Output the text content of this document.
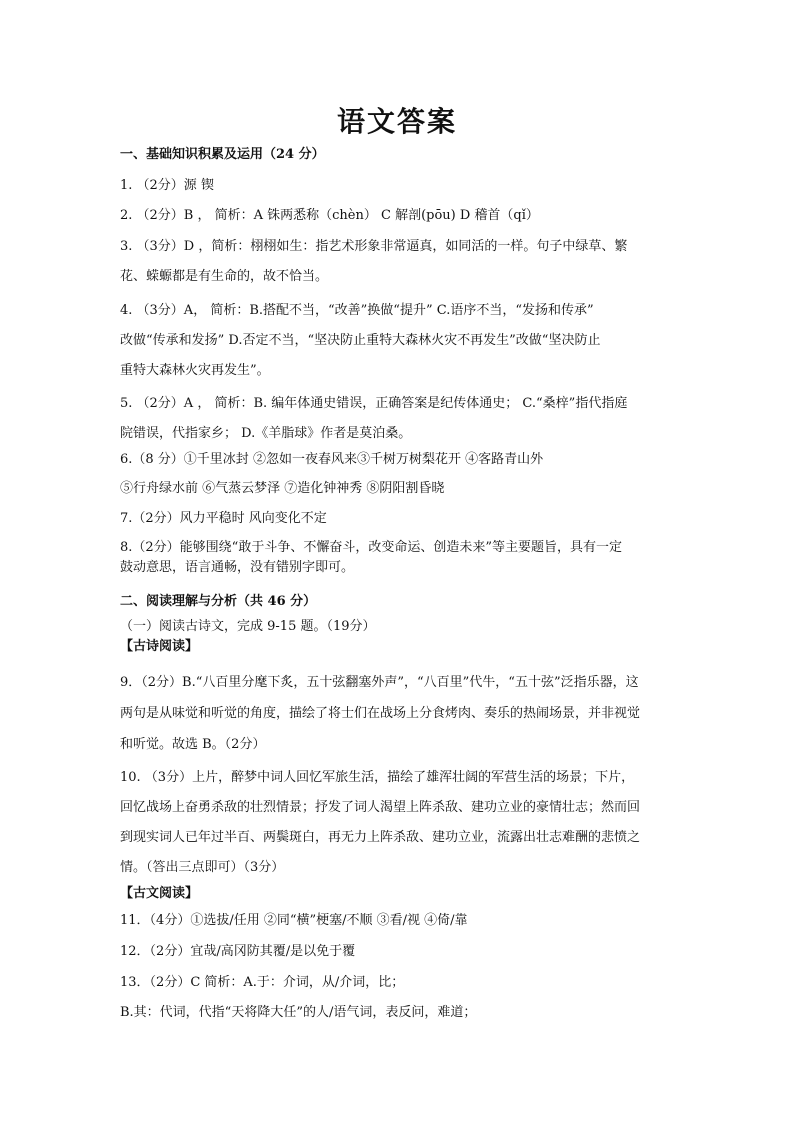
语文答案
一、基础知识积累及运用（24 分）
1. （2分）源 锲
2. （2分）B ， 简析：A 铢两悉称（chèn） C 解剖(pōu) D 稽首（qǐ）
3. （3分）D ，简析：栩栩如生：指艺术形象非常逼真，如同活的一样。句子中绿草、繁
花、蝾螈都是有生命的，故不恰当。
4. （3分）A， 简析：B.搭配不当，“改善”换做“提升” C.语序不当，“发扬和传承”
改做“传承和发扬” D.否定不当，“坚决防止重特大森林火灾不再发生”改做“坚决防止
重特大森林火灾再发生”。
5. （2分）A ， 简析：B. 编年体通史错误，正确答案是纪传体通史； C.“桑梓”指代指庭
院错误，代指家乡； D.《羊脂球》作者是莫泊桑。
6.（8 分）①千里冰封 ②忽如一夜春风来③千树万树梨花开 ④客路青山外
⑤行舟绿水前 ⑥气蒸云梦泽 ⑦造化钟神秀 ⑧阴阳割昏晓
7.（2分）风力平稳时 风向变化不定
8.（2分）能够围绕“敢于斗争、不懈奋斗，改变命运、创造未来”等主要题旨，具有一定
鼓动意思，语言通畅，没有错别字即可。
二、阅读理解与分析（共 46 分）
（一）阅读古诗文，完成 9-15 题。（19分）
【古诗阅读】
9．（2分）B.“八百里分麾下炙，五十弦翻塞外声”，“八百里”代牛，“五十弦”泛指乐器，这
两句是从味觉和听觉的角度，描绘了将士们在战场上分食烤肉、奏乐的热闹场景，并非视觉
和听觉。故选 B。（2分）
10. （3分）上片，醉梦中词人回忆军旅生活，描绘了雄浑壮阔的军营生活的场景；下片，
回忆战场上奋勇杀敌的壮烈情景；抒发了词人渴望上阵杀敌、建功立业的豪情壮志；然而回
到现实词人已年过半百、两鬓斑白，再无力上阵杀敌、建功立业，流露出壮志难酬的悲愤之
情。（答出三点即可）（3分）
【古文阅读】
11．（4分）①选拔/任用 ②同“横”梗塞/不顺 ③看/视 ④倚/靠
12．（2分）宜哉/高冈防其覆/是以免于覆
13．（2分）C 简析：A.于：介词，从/介词，比；
B.其：代词，代指“天将降大任”的人/语气词，表反问，难道；
